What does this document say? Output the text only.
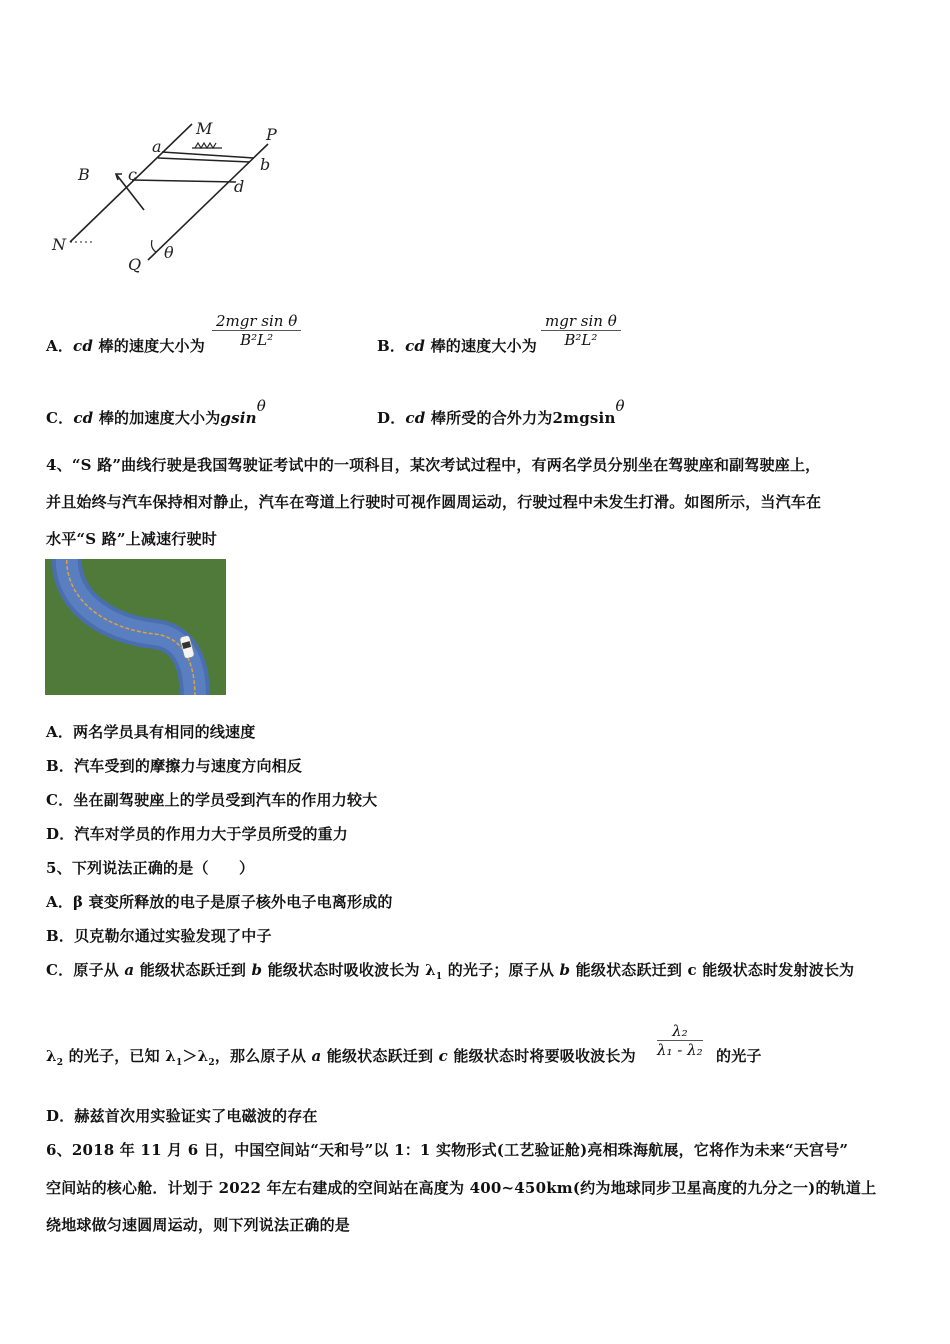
M	P
a
b
B c
d
N
Q
θ
A．cd 棒的速度大小为
2mgr sin θ
B²L²	B．cd 棒的速度大小为
mgr sin θ
B²L²
C．cd 棒的加速度大小为gsinθ
D．cd 棒所受的合外力为2mgsinθ
4、“S 路”曲线行驶是我国驾驶证考试中的一项科目，某次考试过程中，有两名学员分别坐在驾驶座和副驾驶座上，
并且始终与汽车保持相对静止，汽车在弯道上行驶时可视作圆周运动，行驶过程中未发生打滑。如图所示，当汽车在
水平“S 路”上减速行驶时
A．两名学员具有相同的线速度
B．汽车受到的摩擦力与速度方向相反
C．坐在副驾驶座上的学员受到汽车的作用力较大
D．汽车对学员的作用力大于学员所受的重力
5、下列说法正确的是（　　）
A．β 衰变所释放的电子是原子核外电子电离形成的
B．贝克勒尔通过实验发现了中子
C．原子从 a 能级状态跃迁到 b 能级状态时吸收波长为 $\lambda_1$ 的光子；原子从 b 能级状态跃迁到 c 能级状态时发射波长为
$\lambda_2$ 的光子，已知 $\lambda_1>\lambda_2$，那么原子从 a 能级状态跃迁到 c 能级状态时将要吸收波长为 $\frac{\text{λ₂}}{\text{λ₁ - λ₂}}$ 的光子
D．赫兹首次用实验证实了电磁波的存在
6、2018 年 11 月 6 日，中国空间站“天和号”以 1：1 实物形式(工艺验证舱)亮相珠海航展，它将作为未来“天宫号”
空间站的核心舱．计划于 2022 年左右建成的空间站在高度为 400~450km(约为地球同步卫星高度的九分之一)的轨道上
绕地球做匀速圆周运动，则下列说法正确的是
